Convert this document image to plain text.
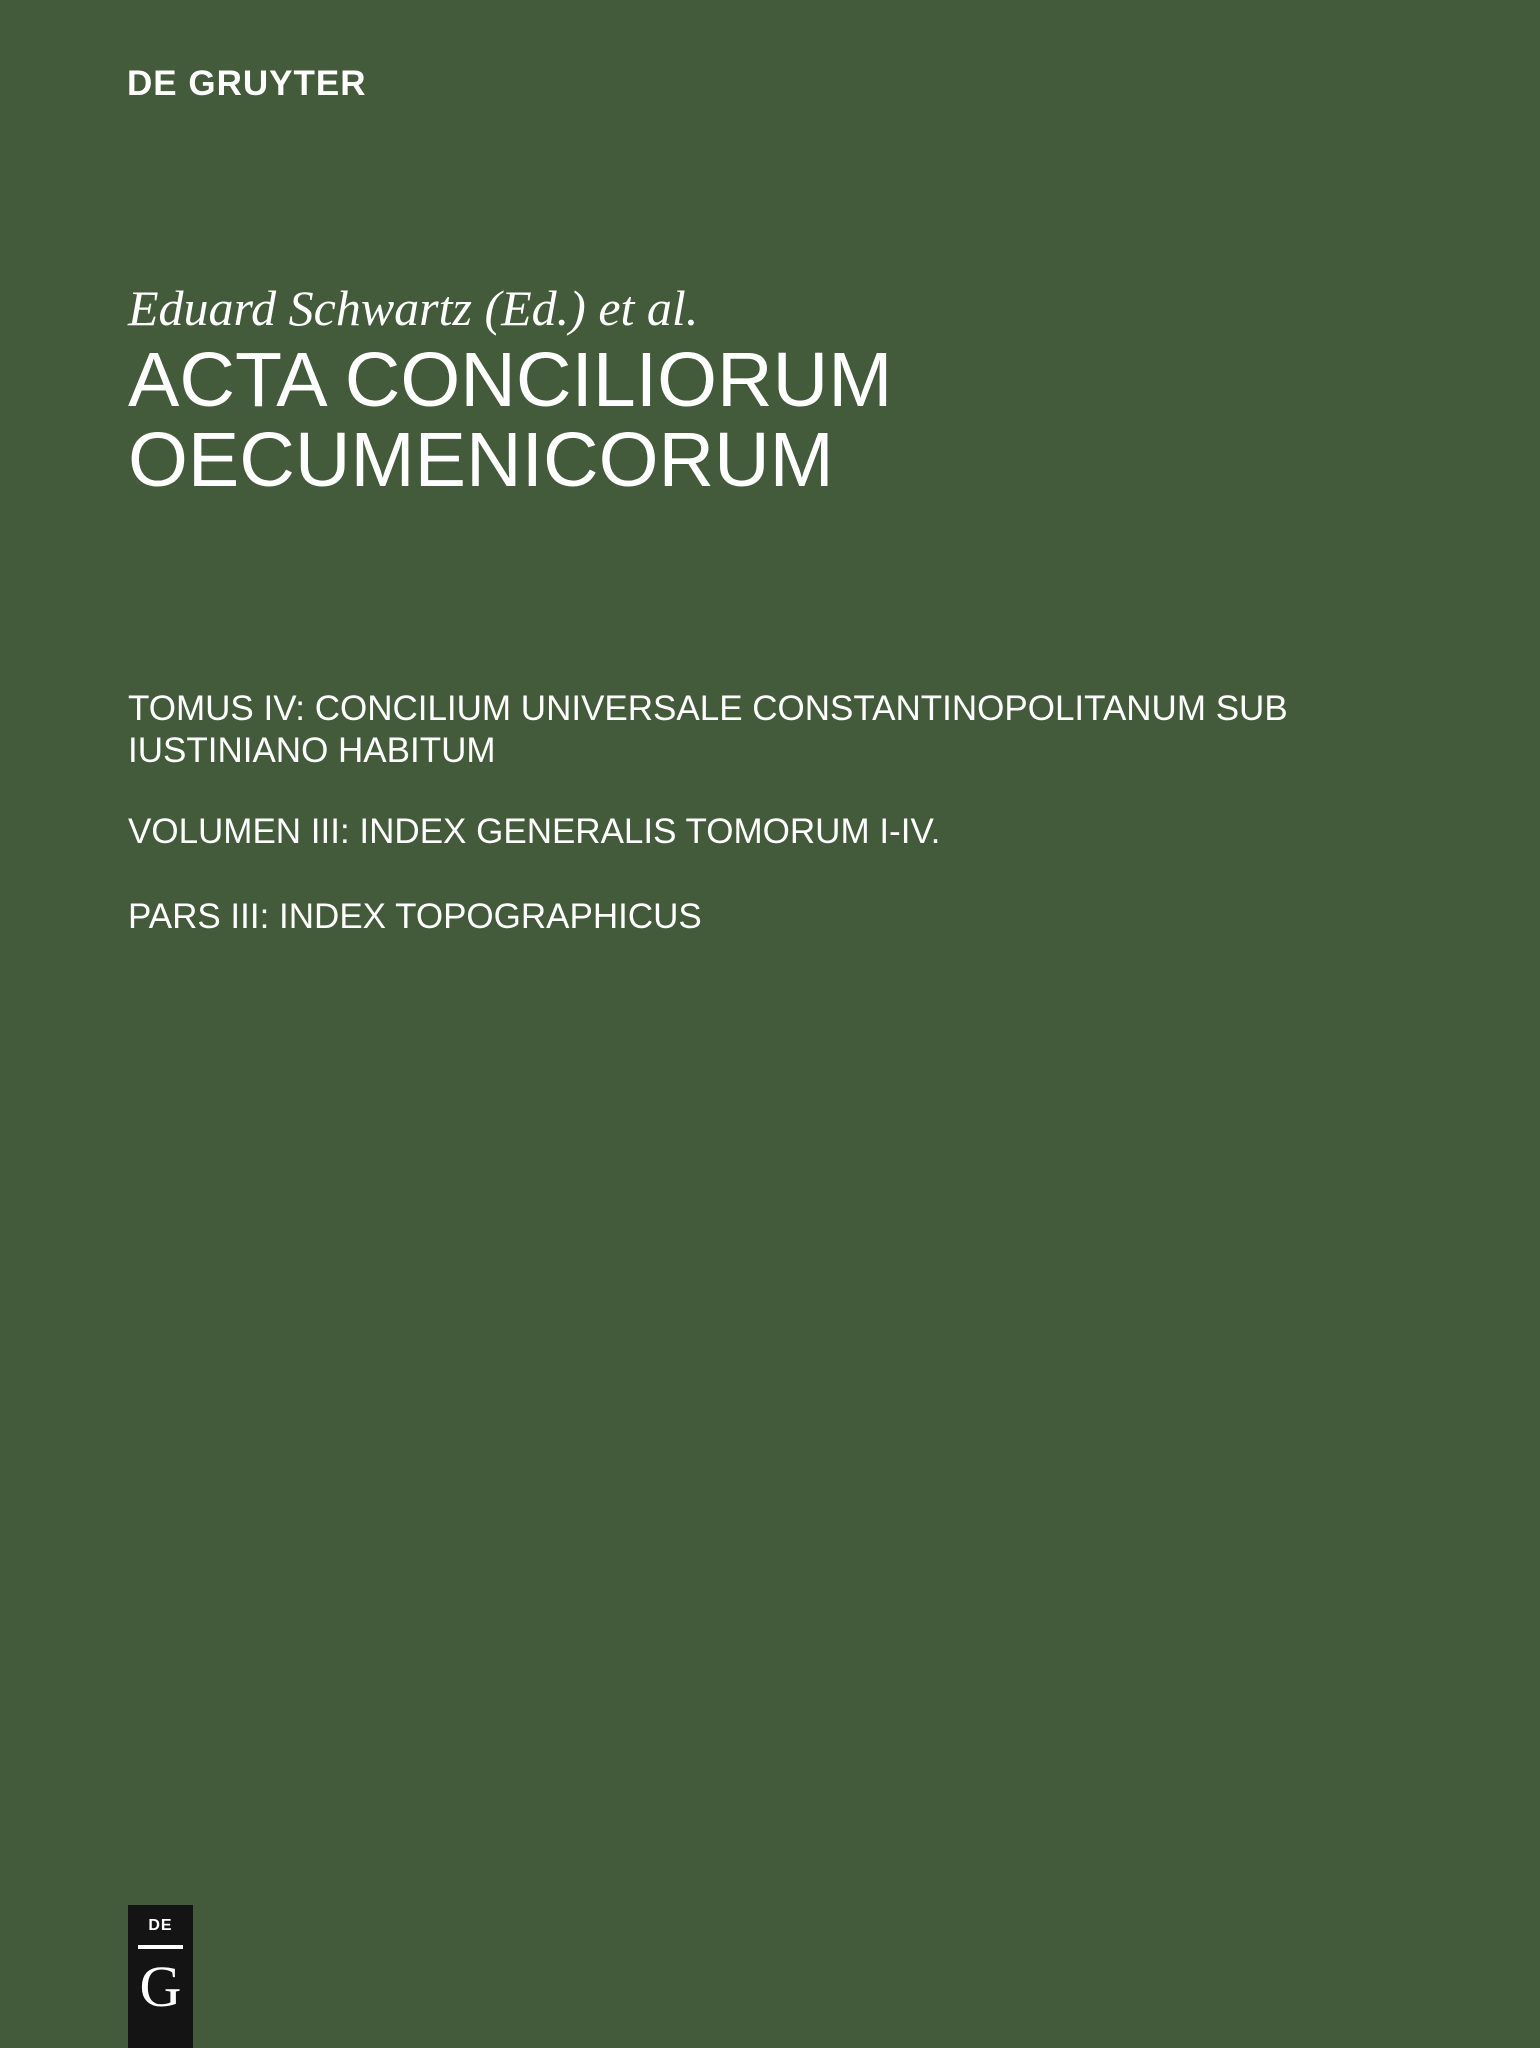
DE GRUYTER
Eduard Schwartz (Ed.) et al.
ACTA CONCILIORUM
OECUMENICORUM
TOMUS IV: CONCILIUM UNIVERSALE CONSTANTINOPOLITANUM SUB
IUSTINIANO HABITUM
VOLUMEN III: INDEX GENERALIS TOMORUM I-IV.
PARS III: INDEX TOPOGRAPHICUS
DE
G
